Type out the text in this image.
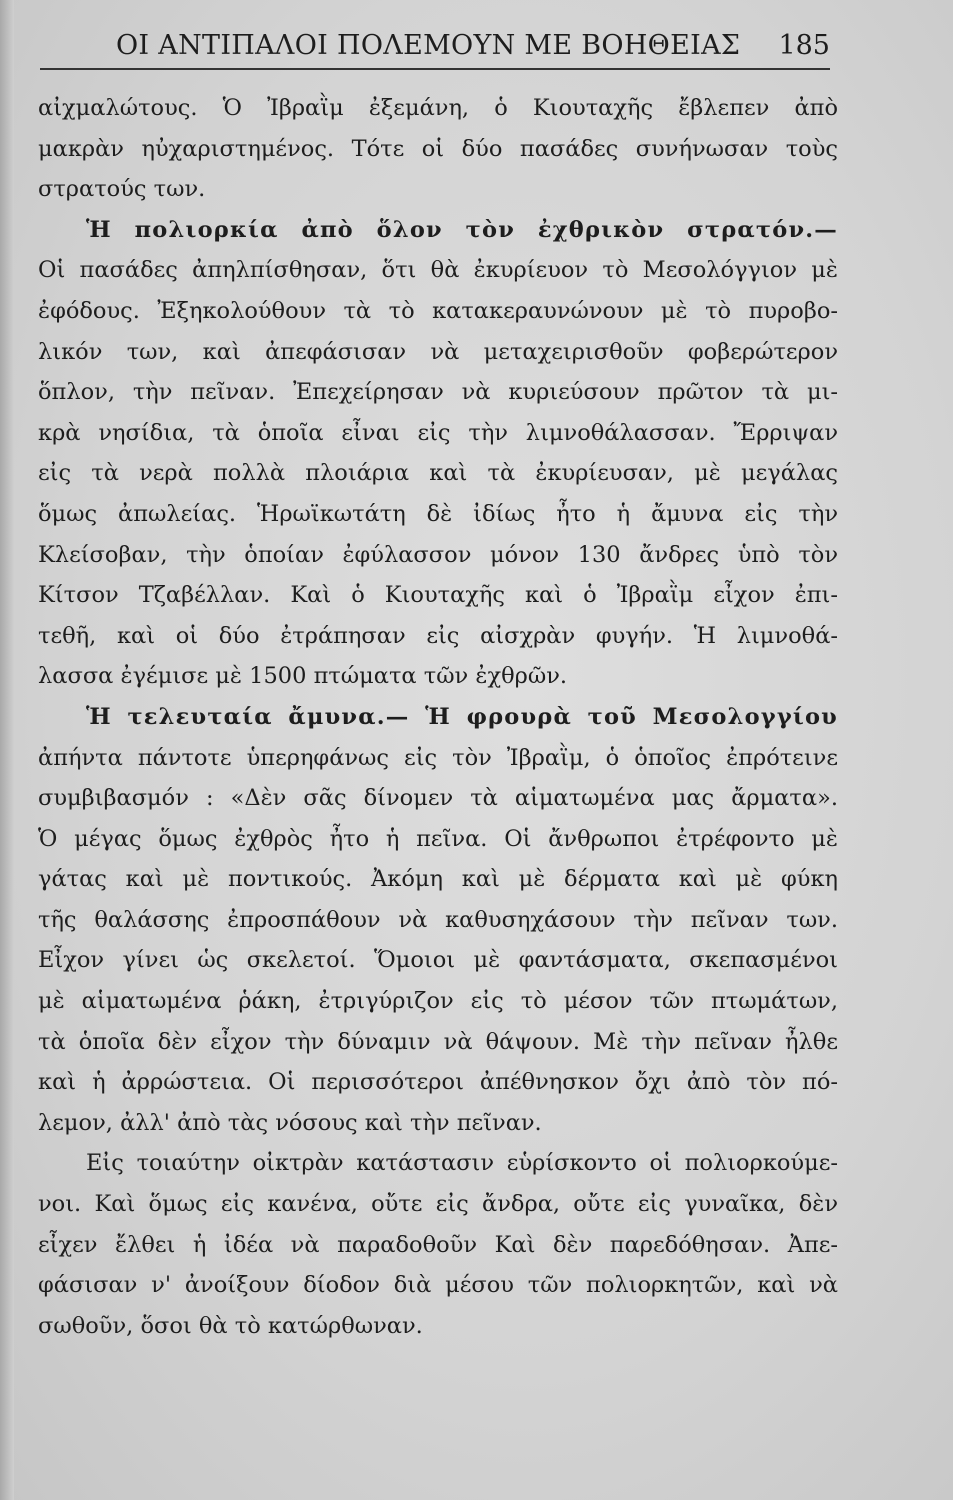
ΟΙ ΑΝΤΙΠΑΛΟΙ ΠΟΛΕΜΟΥΝ ΜΕ ΒΟΗΘΕΙΑΣ 185
αἰχμαλώτους. Ὁ Ἰβραῒμ ἐξεμάνη, ὁ Κιουταχῆς ἔβλεπεν ἀπὸ
μακρὰν ηὐχαριστημένος. Τότε οἱ δύο πασάδες συνήνωσαν τοὺς
στρατούς των.
Ἡ πολιορκία ἀπὸ ὅλον τὸν ἐχθρικὸν στρατόν.—
Οἱ πασάδες ἀπηλπίσθησαν, ὅτι θὰ ἐκυρίευον τὸ Μεσολόγγιον μὲ
ἐφόδους. Ἐξηκολούθουν τὰ τὸ κατακεραυνώνουν μὲ τὸ πυροβο-
λικόν των, καὶ ἀπεφάσισαν νὰ μεταχειρισθοῦν φοβερώτερον
ὅπλον, τὴν πεῖναν. Ἐπεχείρησαν νὰ κυριεύσουν πρῶτον τὰ μι-
κρὰ νησίδια, τὰ ὁποῖα εἶναι εἰς τὴν λιμνοθάλασσαν. Ἔρριψαν
εἰς τὰ νερὰ πολλὰ πλοιάρια καὶ τὰ ἐκυρίευσαν, μὲ μεγάλας
ὅμως ἀπωλείας. Ἡρωϊκωτάτη δὲ ἰδίως ἦτο ἡ ἄμυνα εἰς τὴν
Κλείσοβαν, τὴν ὁποίαν ἐφύλασσον μόνον 130 ἄνδρες ὑπὸ τὸν
Κίτσον Τζαβέλλαν. Καὶ ὁ Κιουταχῆς καὶ ὁ Ἰβραῒμ εἶχον ἐπι-
τεθῆ, καὶ οἱ δύο ἐτράπησαν εἰς αἰσχρὰν φυγήν. Ἡ λιμνοθά-
λασσα ἐγέμισε μὲ 1500 πτώματα τῶν ἐχθρῶν.
Ἡ τελευταία ἄμυνα.— Ἡ φρουρὰ τοῦ Μεσολογγίου
ἀπήντα πάντοτε ὑπερηφάνως εἰς τὸν Ἰβραῒμ, ὁ ὁποῖος ἐπρότεινε
συμβιβασμόν : «Δὲν σᾶς δίνομεν τὰ αἱματωμένα μας ἄρματα».
Ὁ μέγας ὅμως ἐχθρὸς ἦτο ἡ πεῖνα. Οἱ ἄνθρωποι ἐτρέφοντο μὲ
γάτας καὶ μὲ ποντικούς. Ἀκόμη καὶ μὲ δέρματα καὶ μὲ φύκη
τῆς θαλάσσης ἐπροσπάθουν νὰ καθυσηχάσουν τὴν πεῖναν των.
Εἶχον γίνει ὡς σκελετοί. Ὅμοιοι μὲ φαντάσματα, σκεπασμένοι
μὲ αἱματωμένα ῥάκη, ἐτριγύριζον εἰς τὸ μέσον τῶν πτωμάτων,
τὰ ὁποῖα δὲν εἶχον τὴν δύναμιν νὰ θάψουν. Μὲ τὴν πεῖναν ἦλθε
καὶ ἡ ἀρρώστεια. Οἱ περισσότεροι ἀπέθνησκον ὄχι ἀπὸ τὸν πό-
λεμον, ἀλλ' ἀπὸ τὰς νόσους καὶ τὴν πεῖναν.
Εἰς τοιαύτην οἰκτρὰν κατάστασιν εὑρίσκοντο οἱ πολιορκούμε-
νοι. Καὶ ὅμως εἰς κανένα, οὔτε εἰς ἄνδρα, οὔτε εἰς γυναῖκα, δὲν
εἶχεν ἔλθει ἡ ἰδέα νὰ παραδοθοῦν Καὶ δὲν παρεδόθησαν. Ἀπε-
φάσισαν ν' ἀνοίξουν δίοδον διὰ μέσου τῶν πολιορκητῶν, καὶ νὰ
σωθοῦν, ὅσοι θὰ τὸ κατώρθωναν.
